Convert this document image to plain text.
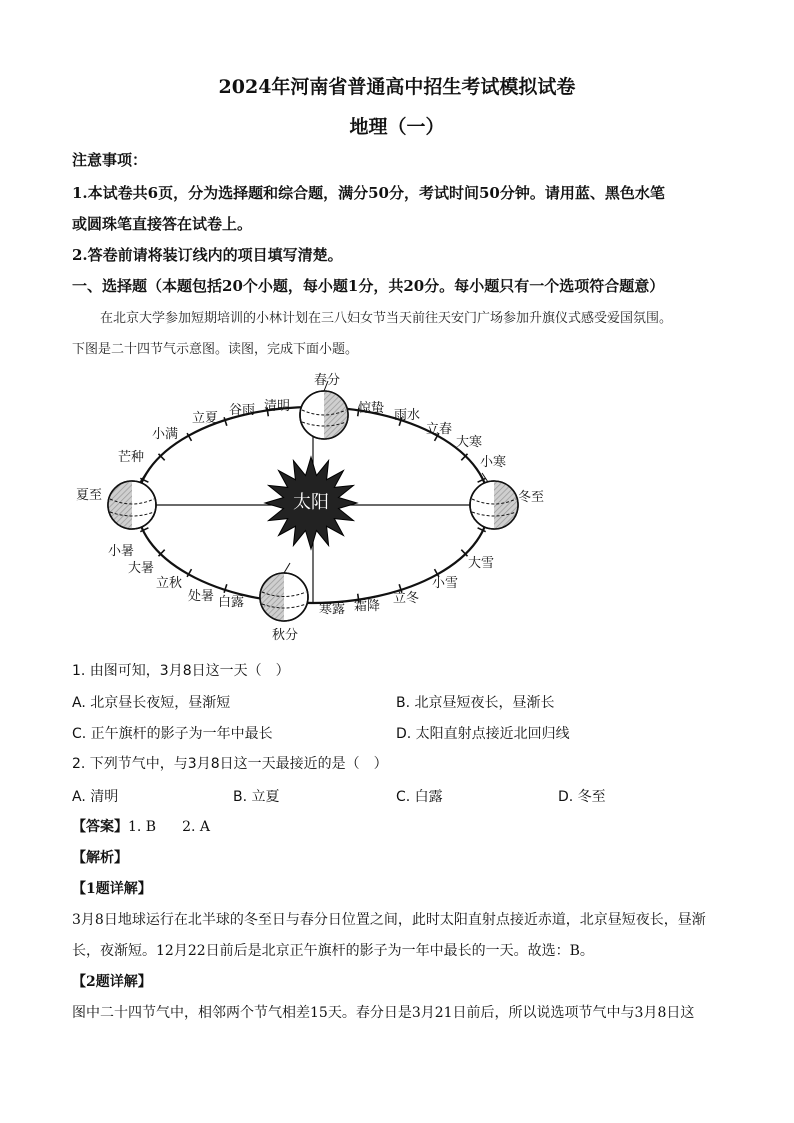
2024年河南省普通高中招生考试模拟试卷
地理（一）
注意事项：
1.本试卷共6页，分为选择题和综合题，满分50分，考试时间50分钟。请用蓝、黑色水笔
或圆珠笔直接答在试卷上。
2.答卷前请将装订线内的项目填写清楚。
一、选择题（本题包括20个小题，每小题1分，共20分。每小题只有一个选项符合题意）
在北京大学参加短期培训的小林计划在三八妇女节当天前往天安门广场参加升旗仪式感受爱国氛围。
下图是二十四节气示意图。读图，完成下面小题。
太阳
春分
惊蛰 雨水
立春
大寒
小寒
冬至
大雪
小雪
立冬
霜降
寒露
秋分
白露
处暑
立秋
大暑
小暑
夏至
芒种
小满
立夏
谷雨 清明
1. 由图可知，3月8日这一天（　）
A. 北京昼长夜短，昼渐短	B. 北京昼短夜长，昼渐长
C. 正午旗杆的影子为一年中最长	D. 太阳直射点接近北回归线
2. 下列节气中，与3月8日这一天最接近的是（　）
A. 清明	B. 立夏	C. 白露	D. 冬至
【答案】1. B 2. A
【解析】
【1题详解】
3月8日地球运行在北半球的冬至日与春分日位置之间，此时太阳直射点接近赤道，北京昼短夜长，昼渐
长，夜渐短。12月22日前后是北京正午旗杆的影子为一年中最长的一天。故选：B。
【2题详解】
图中二十四节气中，相邻两个节气相差15天。春分日是3月21日前后，所以说选项节气中与3月8日这
